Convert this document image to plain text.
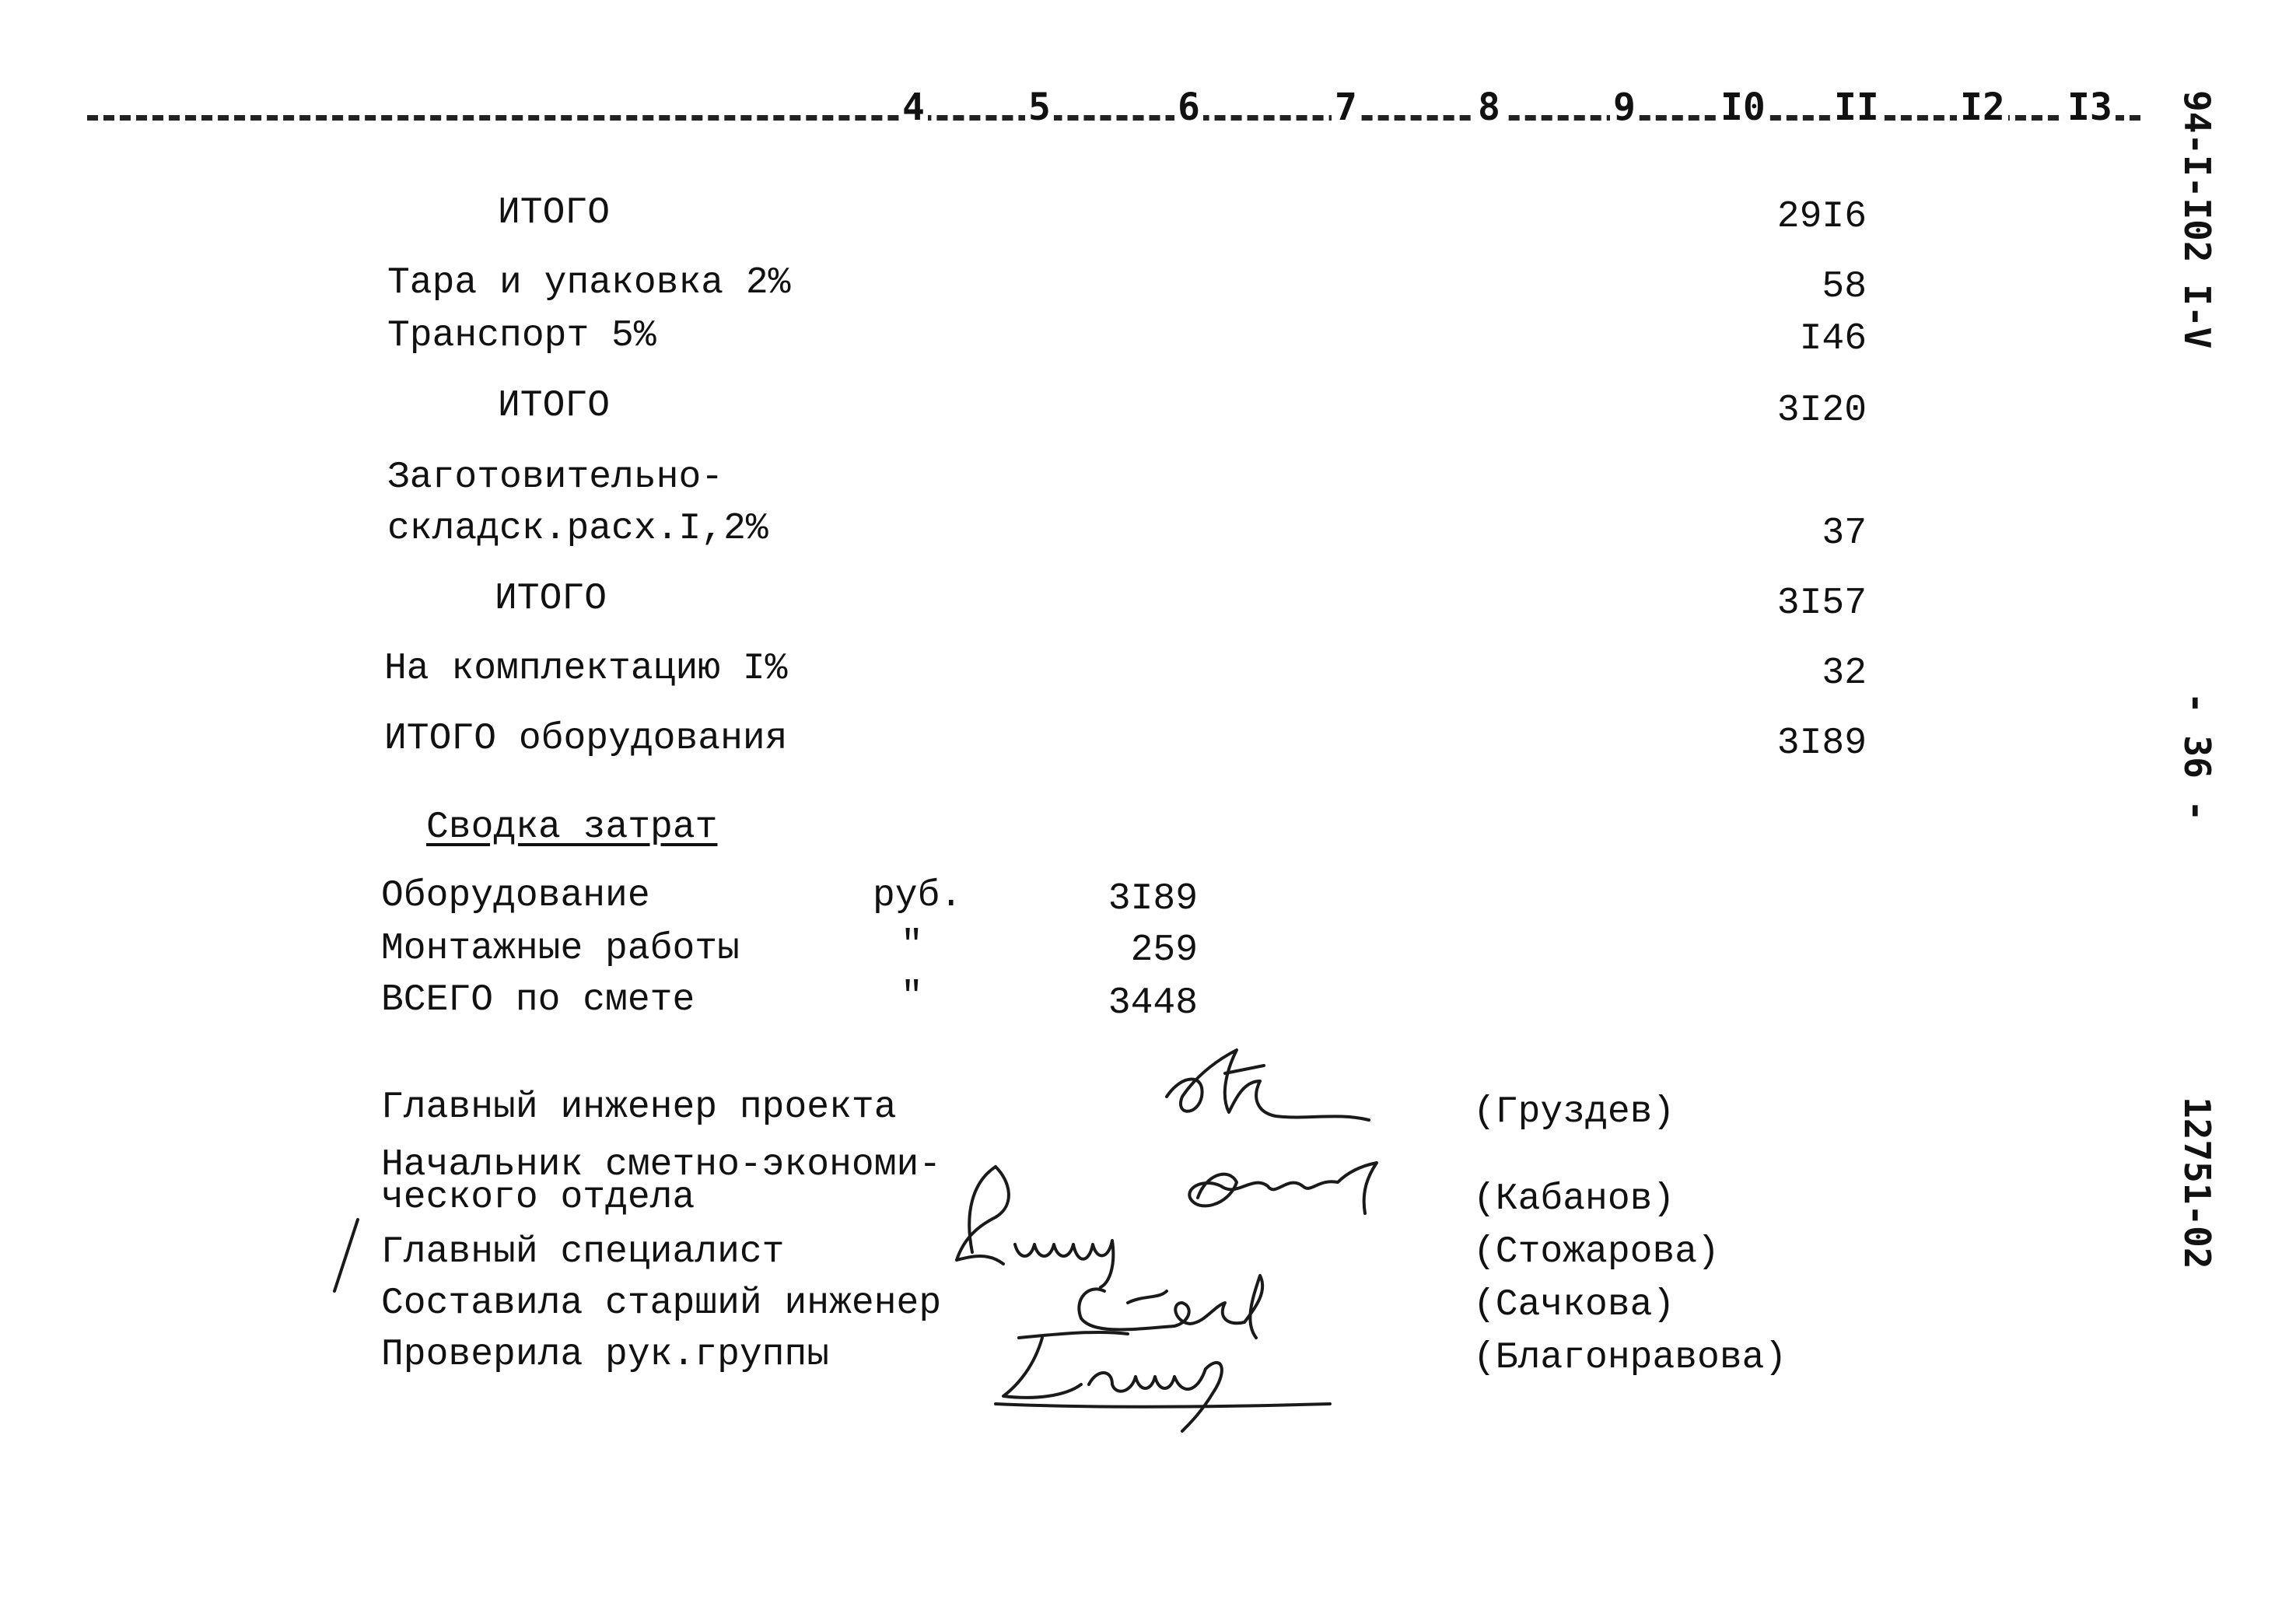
4	5	6	7	8	9 I0 II I2 I3 94-I-I02 I-V
- 36 -
12751-02
ИТОГО	29I6
Тара и упаковка 2%	58
Транспорт 5%	I46
ИТОГО	3I20
Заготовительно-
складск.расх.I,2%	37
ИТОГО	3I57
На комплектацию I%	32
ИТОГО оборудования	3I89
Сводка затрат
Оборудование	руб.	3I89
Монтажные работы	"	259
ВСЕГО по смете	"	3448
Главный инженер проекта	(Груздев)
Начальник сметно-экономи-
ческого отдела	(Кабанов)
Главный специалист	(Стожарова)
Составила старший инженер	(Сачкова)
Проверила рук.группы	(Благонравова)
